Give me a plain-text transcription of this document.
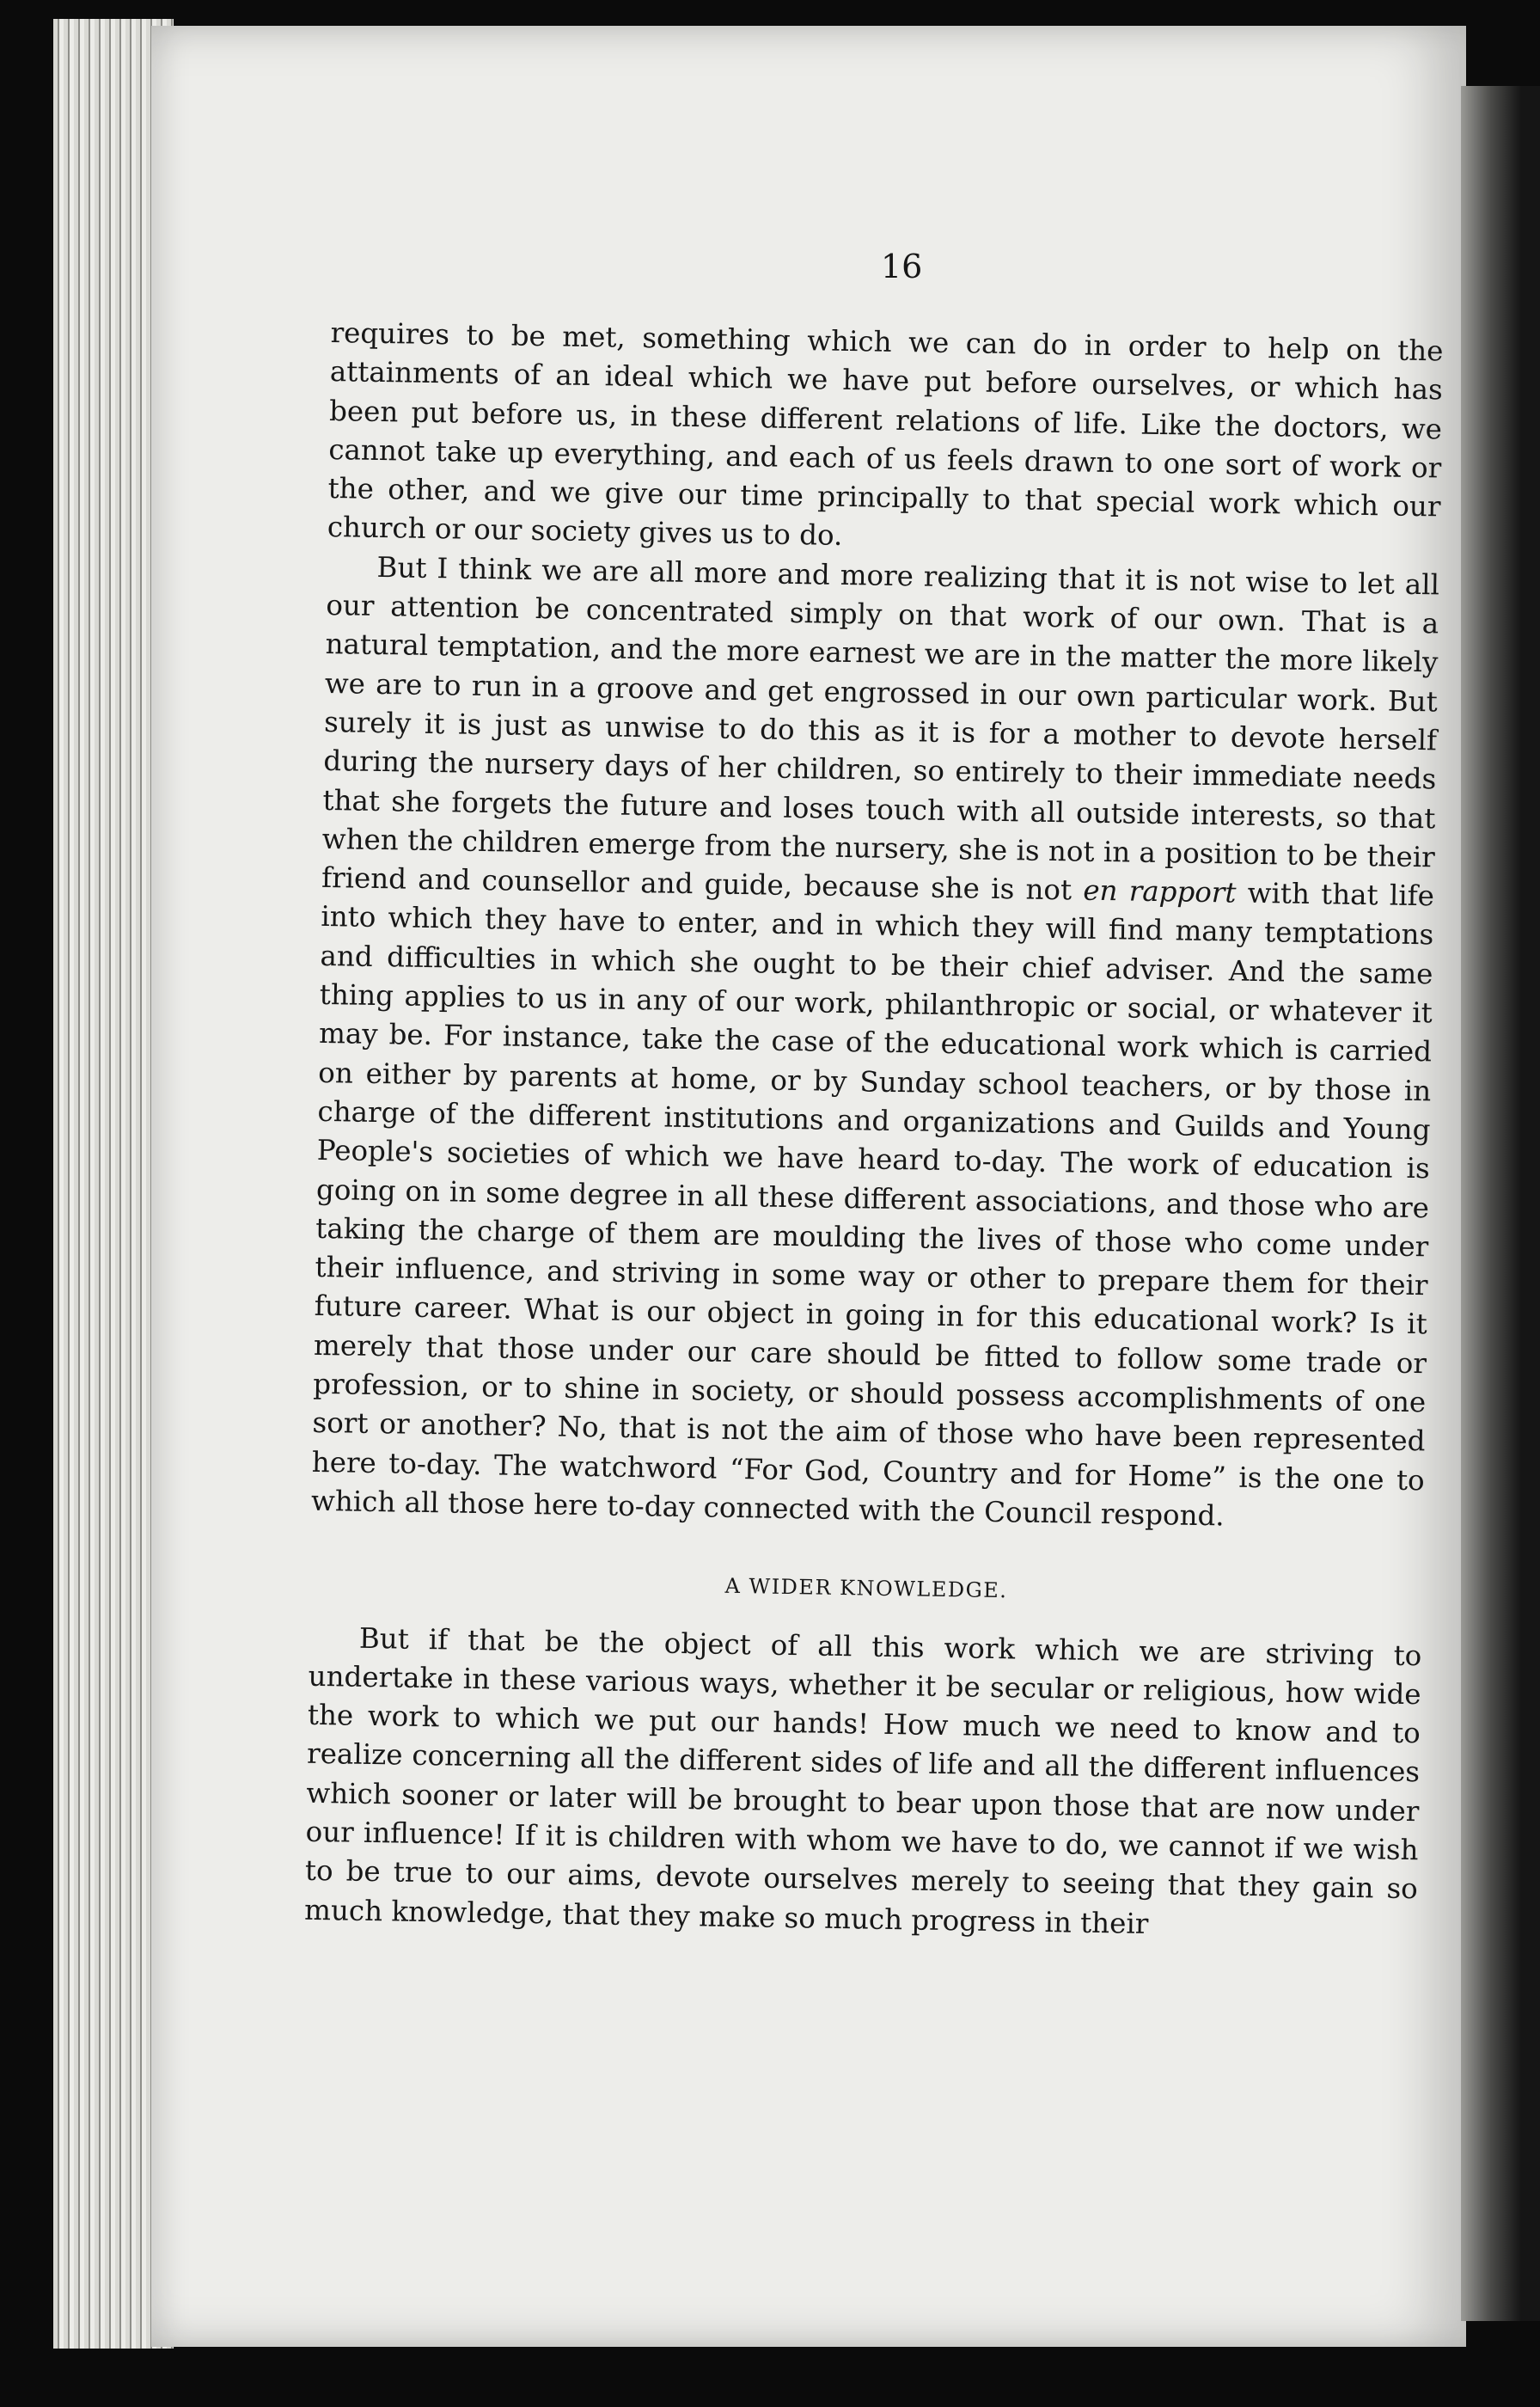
16

requires to be met, something which we can do in order to help on the attainments of an ideal which we have put before ourselves, or which has been put before us, in these different relations of life. Like the doctors, we cannot take up everything, and each of us feels drawn to one sort of work or the other, and we give our time principally to that special work which our church or our society gives us to do.

But I think we are all more and more realizing that it is not wise to let all our attention be concentrated simply on that work of our own. That is a natural temptation, and the more earnest we are in the matter the more likely we are to run in a groove and get engrossed in our own particular work. But surely it is just as unwise to do this as it is for a mother to devote herself during the nursery days of her children, so entirely to their immediate needs that she forgets the future and loses touch with all outside interests, so that when the children emerge from the nursery, she is not in a position to be their friend and counsellor and guide, because she is not en rapport with that life into which they have to enter, and in which they will find many temptations and difficulties in which she ought to be their chief adviser. And the same thing applies to us in any of our work, philanthropic or social, or whatever it may be. For instance, take the case of the educational work which is carried on either by parents at home, or by Sunday school teachers, or by those in charge of the different institutions and organizations and Guilds and Young People's societies of which we have heard to-day. The work of education is going on in some degree in all these different associations, and those who are taking the charge of them are moulding the lives of those who come under their influence, and striving in some way or other to prepare them for their future career. What is our object in going in for this educational work? Is it merely that those under our care should be fitted to follow some trade or profession, or to shine in society, or should possess accomplishments of one sort or another? No, that is not the aim of those who have been represented here to-day. The watchword “For God, Country and for Home” is the one to which all those here to-day connected with the Council respond.

A WIDER KNOWLEDGE.

But if that be the object of all this work which we are striving to undertake in these various ways, whether it be secular or religious, how wide the work to which we put our hands! How much we need to know and to realize concerning all the different sides of life and all the different influences which sooner or later will be brought to bear upon those that are now under our influence! If it is children with whom we have to do, we cannot if we wish to be true to our aims, devote ourselves merely to seeing that they gain so much knowledge, that they make so much progress in their
